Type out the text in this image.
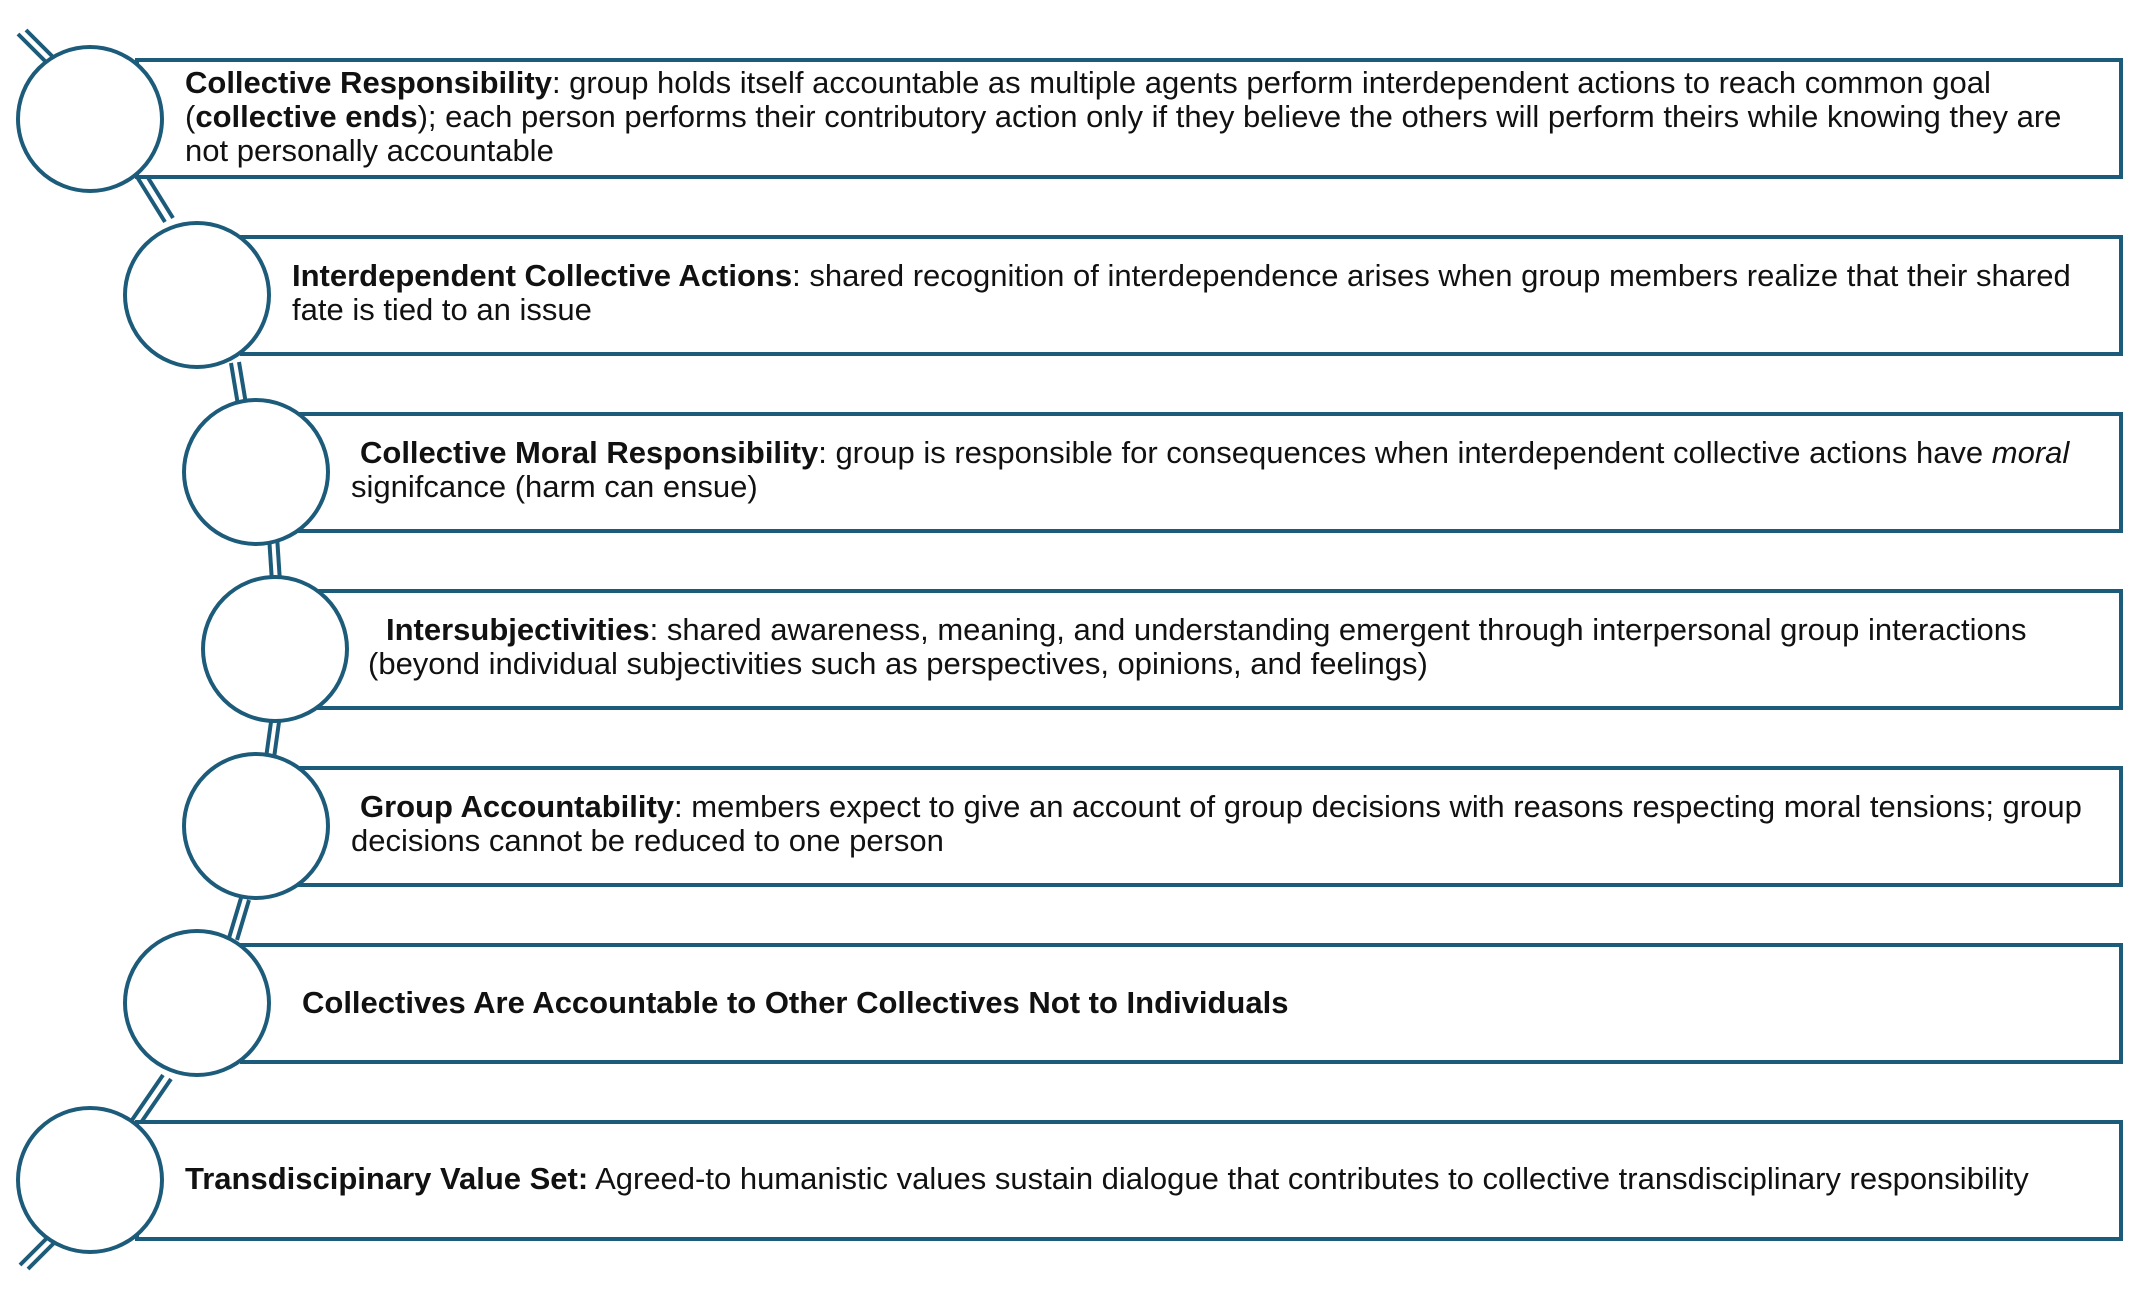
Collective Responsibility: group holds itself accountable as multiple agents perform interdependent actions to reach common goal (collective ends); each person performs their contributory action only if they believe the others will perform theirs while knowing they are not personally accountable
Interdependent Collective Actions: shared recognition of interdependence arises when group members realize that their shared fate is tied to an issue
Collective Moral Responsibility: group is responsible for consequences when interdependent collective actions have moral signifcance (harm can ensue)
Intersubjectivities: shared awareness, meaning, and understanding emergent through interpersonal group interactions (beyond individual subjectivities such as perspectives, opinions, and feelings)
Group Accountability: members expect to give an account of group decisions with reasons respecting moral tensions; group decisions cannot be reduced to one person
Collectives Are Accountable to Other Collectives Not to Individuals
Transdiscipinary Value Set: Agreed-to humanistic values sustain dialogue that contributes to collective transdisciplinary responsibility
